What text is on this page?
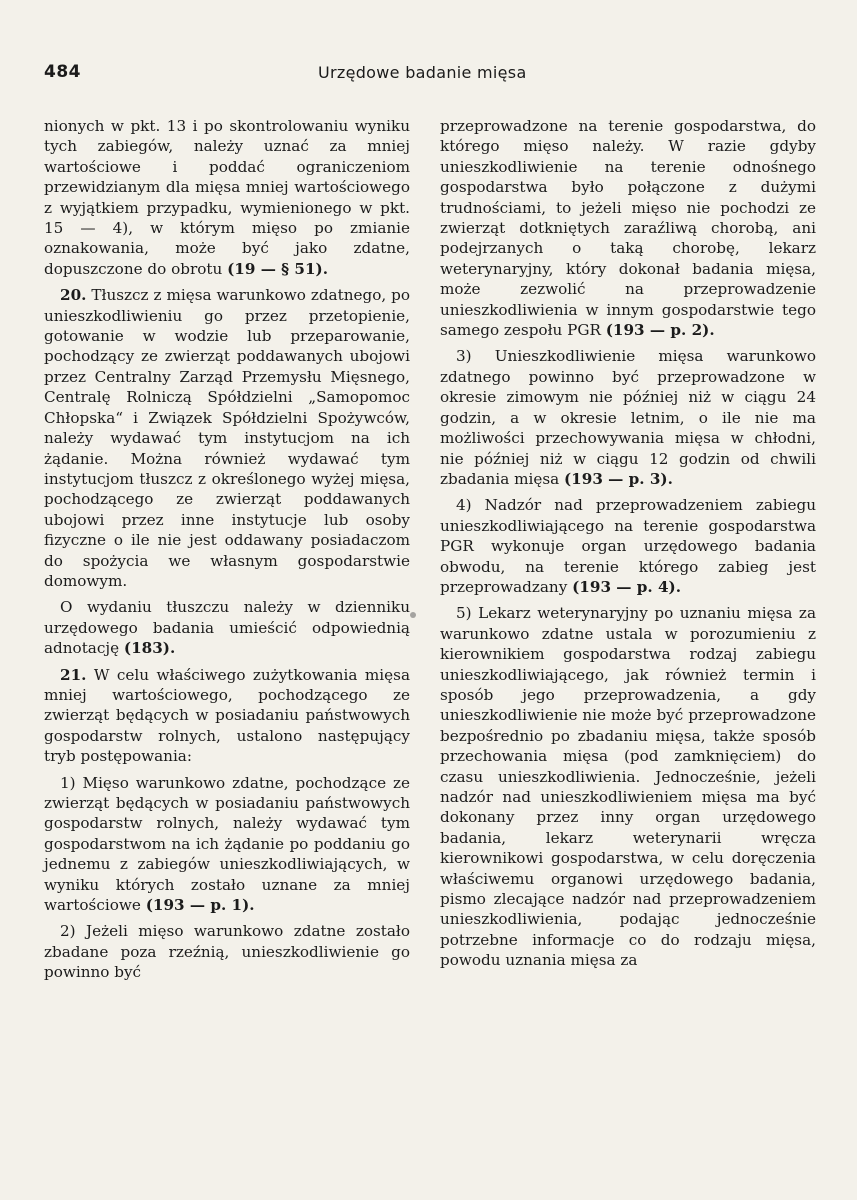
484	Urzędowe badanie mięsa

nionych w pkt. 13 i po skontrolowaniu wyniku tych zabiegów, należy uznać za mniej wartościowe i poddać ograniczeniom przewidzianym dla mięsa mniej wartościowego z wyjątkiem przypadku, wymienionego w pkt. 15 — 4), w którym mięso po zmianie oznakowania, może być jako zdatne, dopuszczone do obrotu (19 — § 51).

20. Tłuszcz z mięsa warunkowo zdatnego, po unieszkodliwieniu go przez przetopienie, gotowanie w wodzie lub przeparowanie, pochodzący ze zwierząt poddawanych ubojowi przez Centralny Zarząd Przemysłu Mięsnego, Centralę Rolniczą Spółdzielni „Samopomoc Chłopska“ i Związek Spółdzielni Spożywców, należy wydawać tym instytucjom na ich żądanie. Można również wydawać tym instytucjom tłuszcz z określonego wyżej mięsa, pochodzącego ze zwierząt poddawanych ubojowi przez inne instytucje lub osoby fizyczne o ile nie jest oddawany posiadaczom do spożycia we własnym gospodarstwie domowym.

O wydaniu tłuszczu należy w dzienniku urzędowego badania umieścić odpowiednią adnotację (183).

21. W celu właściwego zużytkowania mięsa mniej wartościowego, pochodzącego ze zwierząt będących w posiadaniu państwowych gospodarstw rolnych, ustalono następujący tryb postępowania:

1) Mięso warunkowo zdatne, pochodzące ze zwierząt będących w posiadaniu państwowych gospodarstw rolnych, należy wydawać tym gospodarstwom na ich żądanie po poddaniu go jednemu z zabiegów unieszkodliwiających, w wyniku których zostało uznane za mniej wartościowe (193 — p. 1).

2) Jeżeli mięso warunkowo zdatne zostało zbadane poza rzeźnią, unieszkodliwienie go powinno być

przeprowadzone na terenie gospodarstwa, do którego mięso należy. W razie gdyby unieszkodliwienie na terenie odnośnego gospodarstwa było połączone z dużymi trudnościami, to jeżeli mięso nie pochodzi ze zwierząt dotkniętych zaraźliwą chorobą, ani podejrzanych o taką chorobę, lekarz weterynaryjny, który dokonał badania mięsa, może zezwolić na przeprowadzenie unieszkodliwienia w innym gospodarstwie tego samego zespołu PGR (193 — p. 2).

3) Unieszkodliwienie mięsa warunkowo zdatnego powinno być przeprowadzone w okresie zimowym nie później niż w ciągu 24 godzin, a w okresie letnim, o ile nie ma możliwości przechowywania mięsa w chłodni, nie później niż w ciągu 12 godzin od chwili zbadania mięsa (193 — p. 3).

4) Nadzór nad przeprowadzeniem zabiegu unieszkodliwiającego na terenie gospodarstwa PGR wykonuje organ urzędowego badania obwodu, na terenie którego zabieg jest przeprowadzany (193 — p. 4).

5) Lekarz weterynaryjny po uznaniu mięsa za warunkowo zdatne ustala w porozumieniu z kierownikiem gospodarstwa rodzaj zabiegu unieszkodliwiającego, jak również termin i sposób jego przeprowadzenia, a gdy unieszkodliwienie nie może być przeprowadzone bezpośrednio po zbadaniu mięsa, także sposób przechowania mięsa (pod zamknięciem) do czasu unieszkodliwienia. Jednocześnie, jeżeli nadzór nad unieszkodliwieniem mięsa ma być dokonany przez inny organ urzędowego badania, lekarz weterynarii wręcza kierownikowi gospodarstwa, w celu doręczenia właściwemu organowi urzędowego badania, pismo zlecające nadzór nad przeprowadzeniem unieszkodliwienia, podając jednocześnie potrzebne informacje co do rodzaju mięsa, powodu uznania mięsa za
